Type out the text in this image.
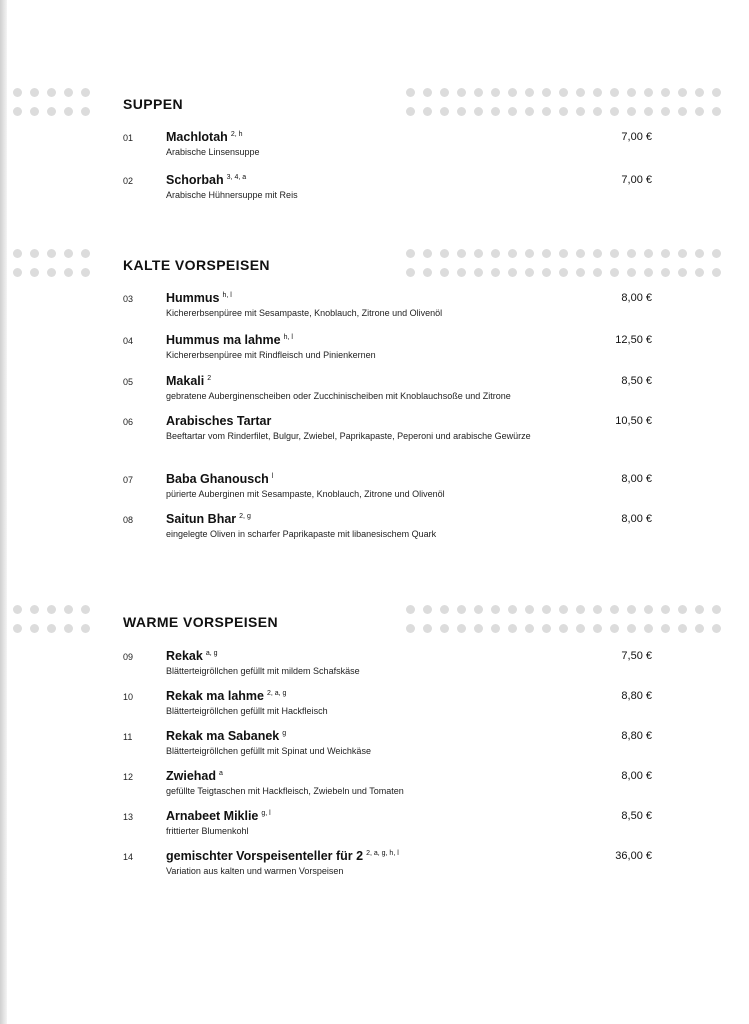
SUPPEN
01	Machlotah $^{2, h}$
Arabische Linsensuppe
7,00 €
02	Schorbah $^{3, 4, a}$
Arabische Hühnersuppe mit Reis
7,00 €
KALTE VORSPEISEN
03	Hummus $^{h, l}$
Kichererbsenpüree mit Sesampaste, Knoblauch, Zitrone und Olivenöl
8,00 €
04	Hummus ma lahme $^{h, l}$
Kichererbsenpüree mit Rindfleisch und Pinienkernen
12,50 €
05	Makali $^2$
gebratene Auberginenscheiben oder Zucchinischeiben mit Knoblauchsoße und Zitrone
8,50 €
06	Arabisches Tartar
Beeftartar vom Rinderfilet, Bulgur, Zwiebel, Paprikapaste, Peperoni und arabische Gewürze
10,50 €
07	Baba Ghanousch $^l$
pürierte Auberginen mit Sesampaste, Knoblauch, Zitrone und Olivenöl
8,00 €
08	Saitun Bhar $^{2, g}$
eingelegte Oliven in scharfer Paprikapaste mit libanesischem Quark
8,00 €
WARME VORSPEISEN
09	Rekak $^{a, g}$
Blätterteigröllchen gefüllt mit mildem Schafskäse
7,50 €
10	Rekak ma lahme $^{2, a, g}$
Blätterteigröllchen gefüllt mit Hackfleisch
8,80 €
11	Rekak ma Sabanek $^g$
Blätterteigröllchen gefüllt mit Spinat und Weichkäse
8,80 €
12	Zwiehad $^a$
gefüllte Teigtaschen mit Hackfleisch, Zwiebeln und Tomaten
8,00 €
13	Arnabeet Miklie $^{g, l}$
frittierter Blumenkohl
8,50 €
14	gemischter Vorspeisenteller für 2 $^{2, a, g, h, l}$
Variation aus kalten und warmen Vorspeisen
36,00 €
